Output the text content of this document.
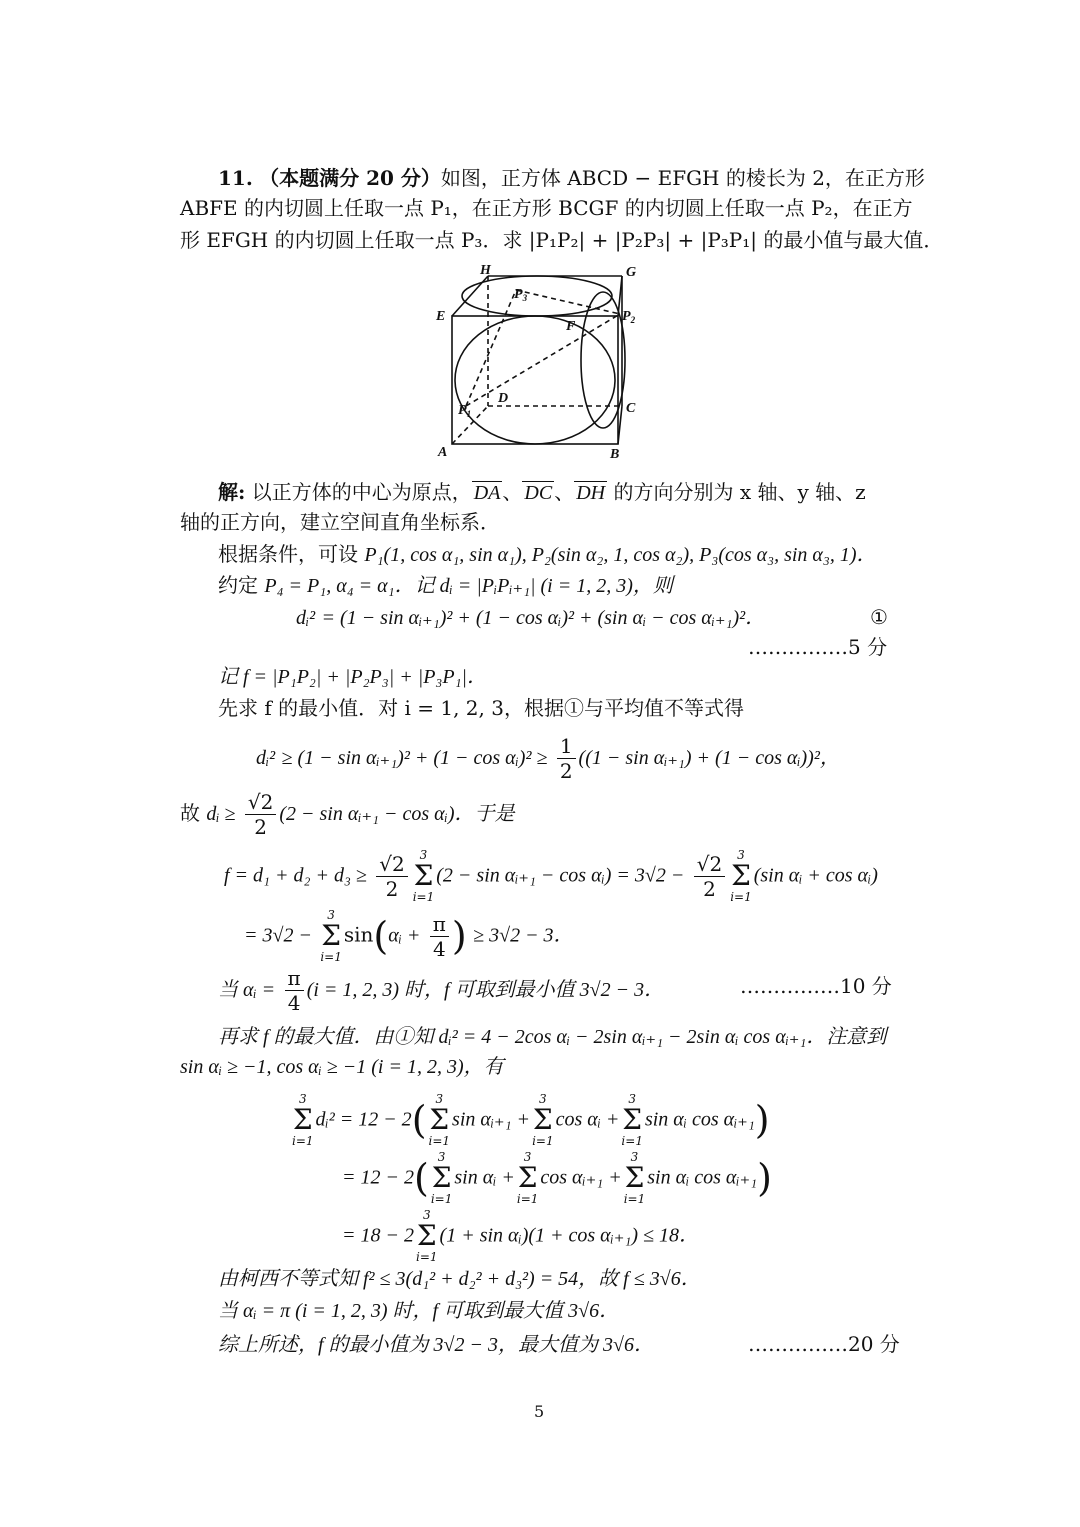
11. （本题满分 20 分）如图，正方体 ABCD − EFGH 的棱长为 2，在正方形
ABFE 的内切圆上任取一点 P₁，在正方形 BCGF 的内切圆上任取一点 P₂，在正方
形 EFGH 的内切圆上任取一点 P₃．求 |P₁P₂| + |P₂P₃| + |P₃P₁| 的最小值与最大值．
H	G
E
F
A	B
C
D
$P_1$
$P_2$
$P_3$
解: 以正方体的中心为原点， DA 、 DC 、 DH 的方向分别为 x 轴、y 轴、z
轴的正方向，建立空间直角坐标系．
根据条件，可设 P₁(1, cos α₁, sin α₁), P₂(sin α₂, 1, cos α₂), P₃(cos α₃, sin α₃, 1)．
约定 P₄ = P₁, α₄ = α₁．记 dᵢ = |PᵢPᵢ₊₁| (i = 1, 2, 3)，则
dᵢ² = (1 − sin αᵢ₊₁)² + (1 − cos αᵢ)² + (sin αᵢ − cos αᵢ₊₁)²．	①
……………5 分
记 f = |P₁P₂| + |P₂P₃| + |P₃P₁|．
先求 f 的最小值．对 i = 1, 2, 3，根据①与平均值不等式得
dᵢ² ≥ (1 − sin αᵢ₊₁)² + (1 − cos αᵢ)² ≥ $\frac{1}{2} ((1 - \sin$ αᵢ₊₁) + (1 − cos αᵢ))²，
故 dᵢ ≥ $\frac{√2}{2} (2 - \sin$ αᵢ₊₁ − cos αᵢ)．于是
$f = d_1 + d_2 + d_3 \ge \frac{√2}{2} 3$
Σ
i=1
(2 − sin αᵢ₊₁ − cos αᵢ) = $3√2 - \frac{√2}{2} 3$
Σ
i=1
(sin αᵢ + cos αᵢ)
= 3√2 −
3
Σ
i=1
sin(αᵢ + $\frac{\pi}{4}$ ) ≥ 3√2 − 3．
当 αᵢ = $\frac{\pi}{4} (i = 1$, 2, 3) 时，f 可取到最小值 3√2 − 3．	……………10 分
再求 f 的最大值．由①知 dᵢ² = 4 − 2cos αᵢ − 2sin αᵢ₊₁ − 2sin αᵢ cos αᵢ₊₁．注意到
sin αᵢ ≥ −1, cos αᵢ ≥ −1 (i = 1, 2, 3)，有
3
Σ
i=1
dᵢ² = 12 − 2( 3
Σ
i=1
sin αᵢ₊₁ +
3
Σ
i=1
cos αᵢ +
3
Σ
i=1
sin αᵢ cos αᵢ₊₁)
= 12 − 2( 3
Σ
i=1
sin αᵢ +
3
Σ
i=1
cos αᵢ₊₁ +
3
Σ
i=1
sin αᵢ cos αᵢ₊₁)
= 18 − 2
3
Σ
i=1
(1 + sin αᵢ)(1 + cos αᵢ₊₁) ≤ 18．
由柯西不等式知 f² ≤ 3(d₁² + d₂² + d₃²) = 54，故 f ≤ 3√6．
当 αᵢ = π (i = 1, 2, 3) 时，f 可取到最大值 3√6．
综上所述，f 的最小值为 3√2 − 3，最大值为 3√6．	……………20 分
5
